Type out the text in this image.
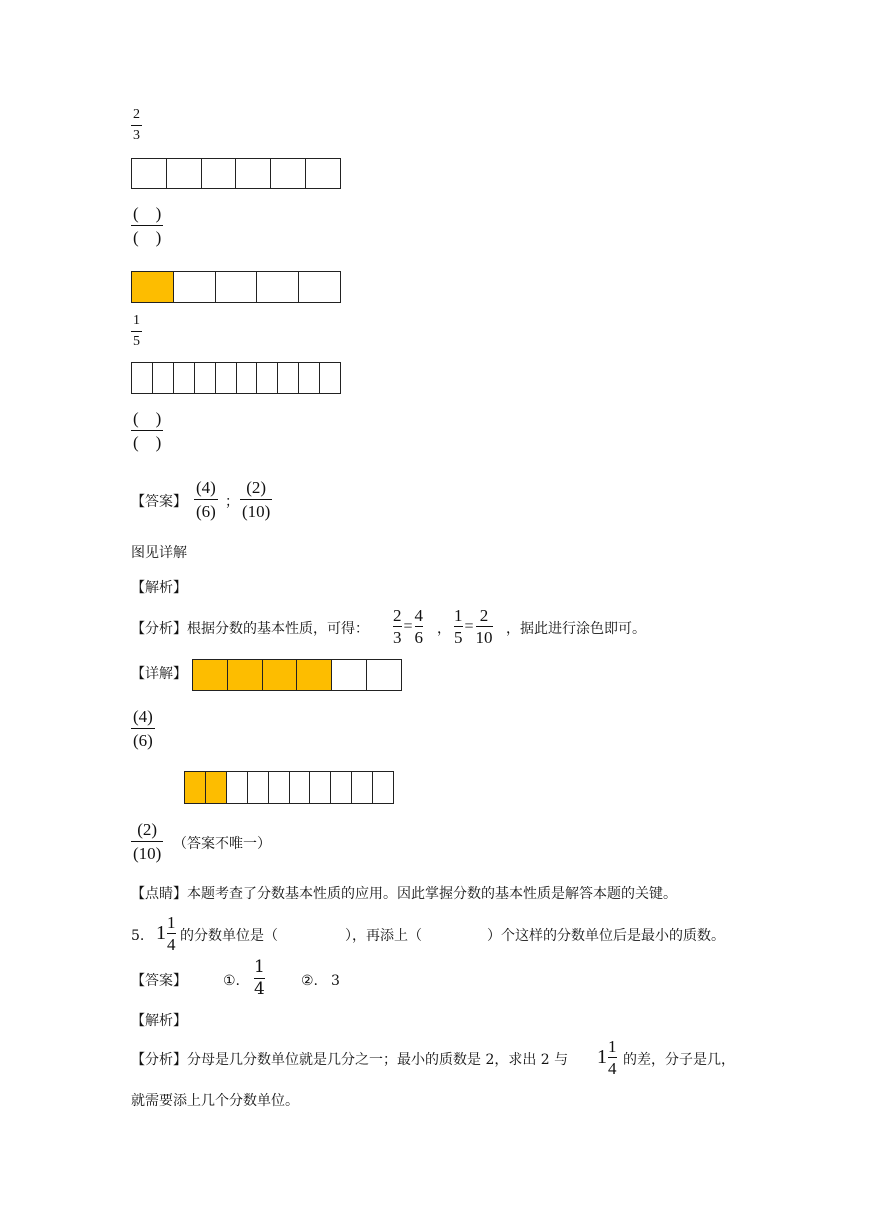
2
3
(    )
(    )
1
5
(    )
(    )
【答案】
(4)
(6) ；
(2)
(10)
图见详解
【解析】
【分析】 根据分数的基本性质，可得：
2
3
=
4
6 ，
1
5
=
2
10 ，据此进行涂色即可。
【详解】
(4)
(6)
(2)
(10) （答案不唯一）
【点睛】本题考查了分数基本性质的应用。因此掌握分数的基本性质是解答本题的关键。
5. 1 1
4 的分数单位是（	），再添上（	）个这样的分数单位后是最小的质数。
【答案】	①. $\frac{1}{4}$	②. 3
【解析】
【分析】 分母是几分数单位就是几分之一；最小的质数是 2，求出 2 与 1 1
4 的差，分子是几，
就需要添上几个分数单位。
